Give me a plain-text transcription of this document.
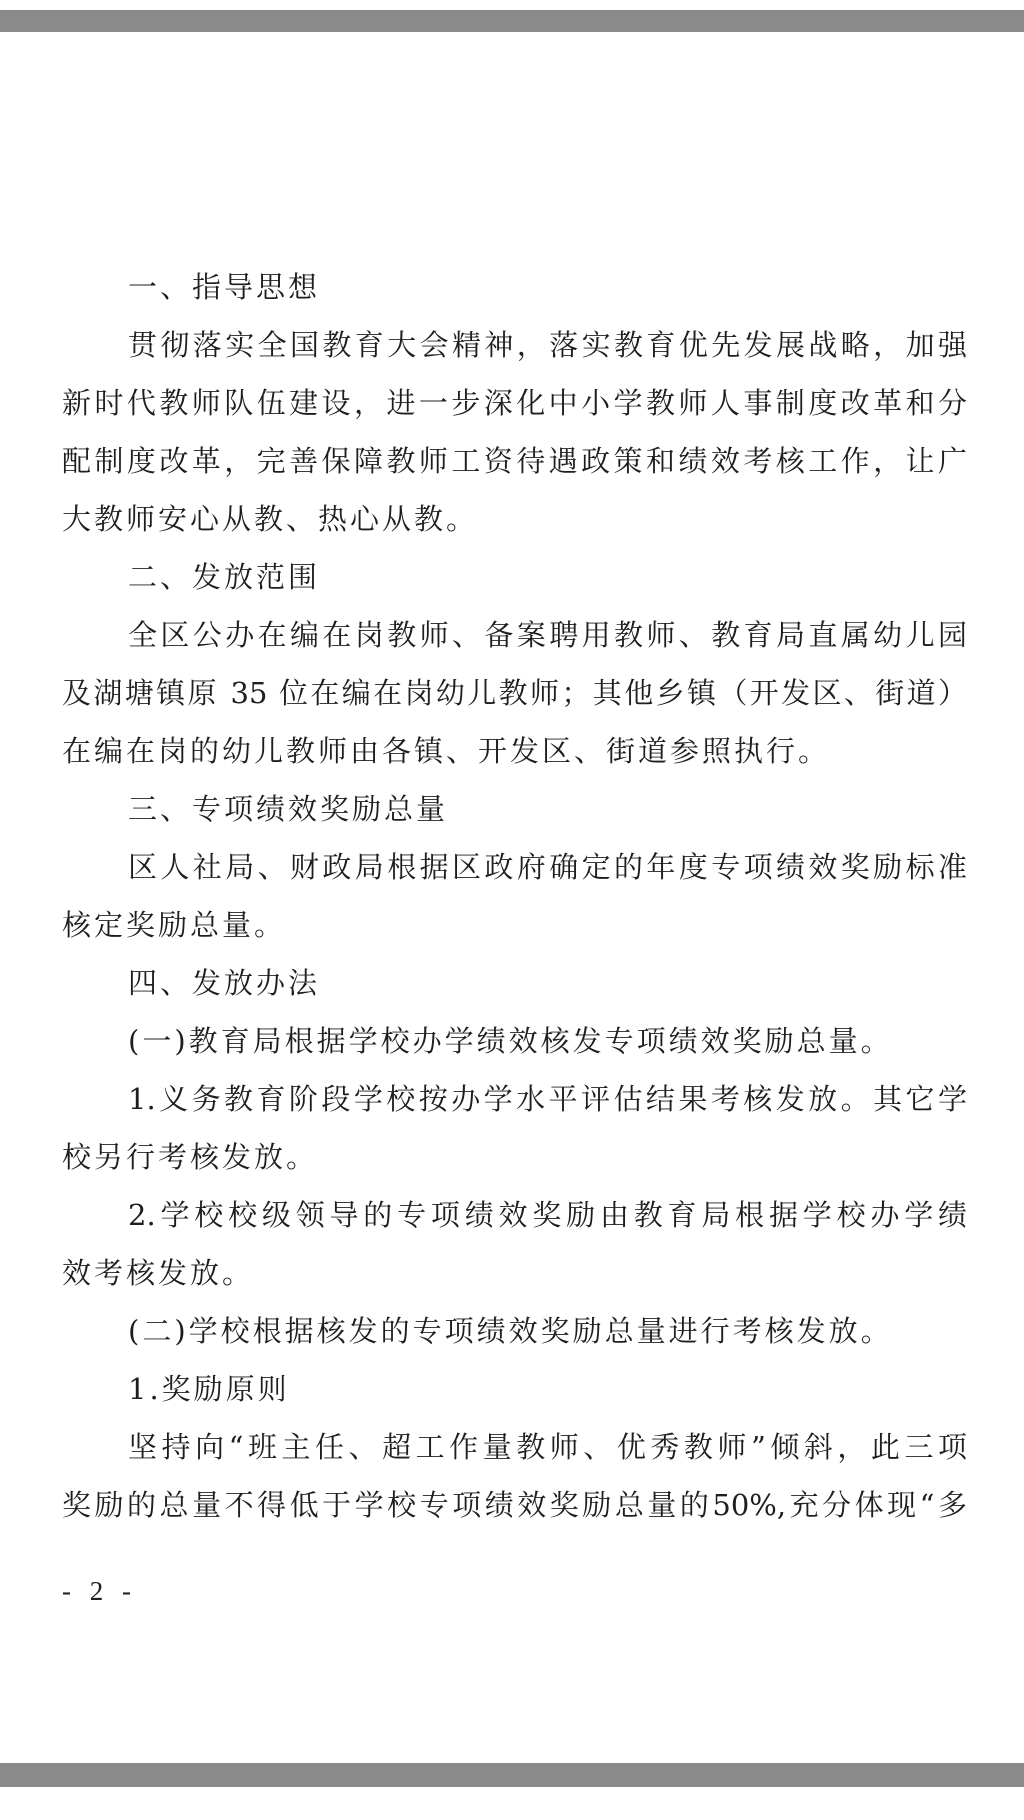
一、指导思想
贯彻落实全国教育大会精神，落实教育优先发展战略，加强
新时代教师队伍建设，进一步深化中小学教师人事制度改革和分
配制度改革，完善保障教师工资待遇政策和绩效考核工作，让广
大教师安心从教、热心从教。
二、发放范围
全区公办在编在岗教师、备案聘用教师、教育局直属幼儿园
及湖塘镇原 35 位在编在岗幼儿教师；其他乡镇（开发区、街道）
在编在岗的幼儿教师由各镇、开发区、街道参照执行。
三、专项绩效奖励总量
区人社局、财政局根据区政府确定的年度专项绩效奖励标准
核定奖励总量。
四、发放办法
(一)教育局根据学校办学绩效核发专项绩效奖励总量。
1.义务教育阶段学校按办学水平评估结果考核发放。其它学
校另行考核发放。
2.学校校级领导的专项绩效奖励由教育局根据学校办学绩
效考核发放。
(二)学校根据核发的专项绩效奖励总量进行考核发放。
1.奖励原则
坚持向“班主任、超工作量教师、优秀教师”倾斜，此三项
奖励的总量不得低于学校专项绩效奖励总量的50%,充分体现“多
- 2 -
